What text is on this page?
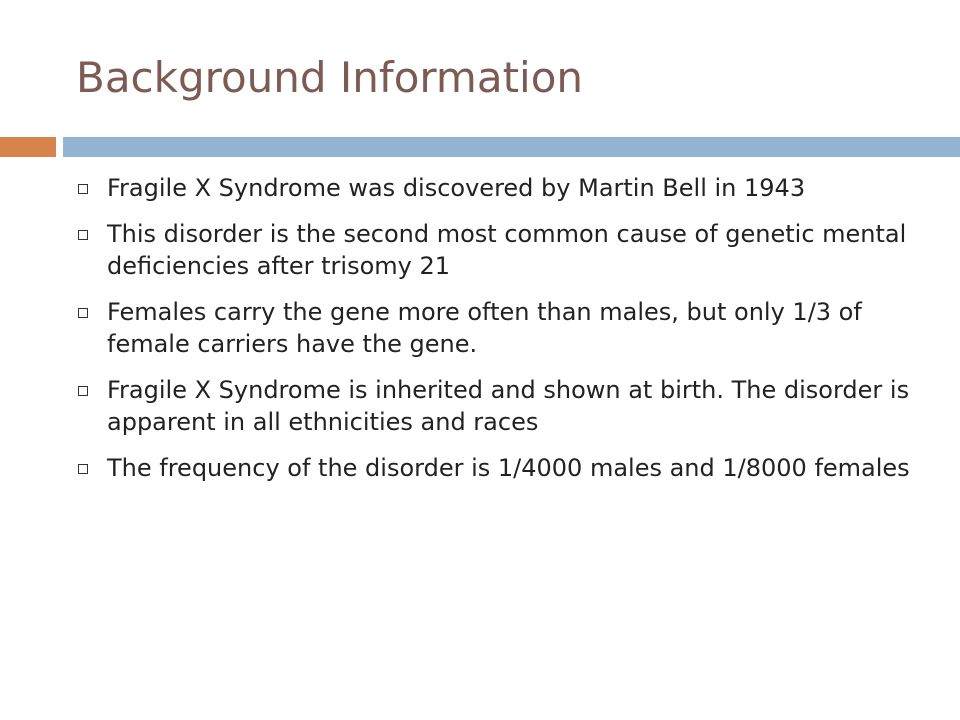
Background Information
Fragile X Syndrome was discovered by Martin Bell in 1943
This disorder is the second most common cause of genetic mental deficiencies after trisomy 21
Females carry the gene more often than males, but only 1/3 of female carriers have the gene.
Fragile X Syndrome is inherited and shown at birth. The disorder is apparent in all ethnicities and races
The frequency of the disorder is 1/4000 males and 1/8000 females
